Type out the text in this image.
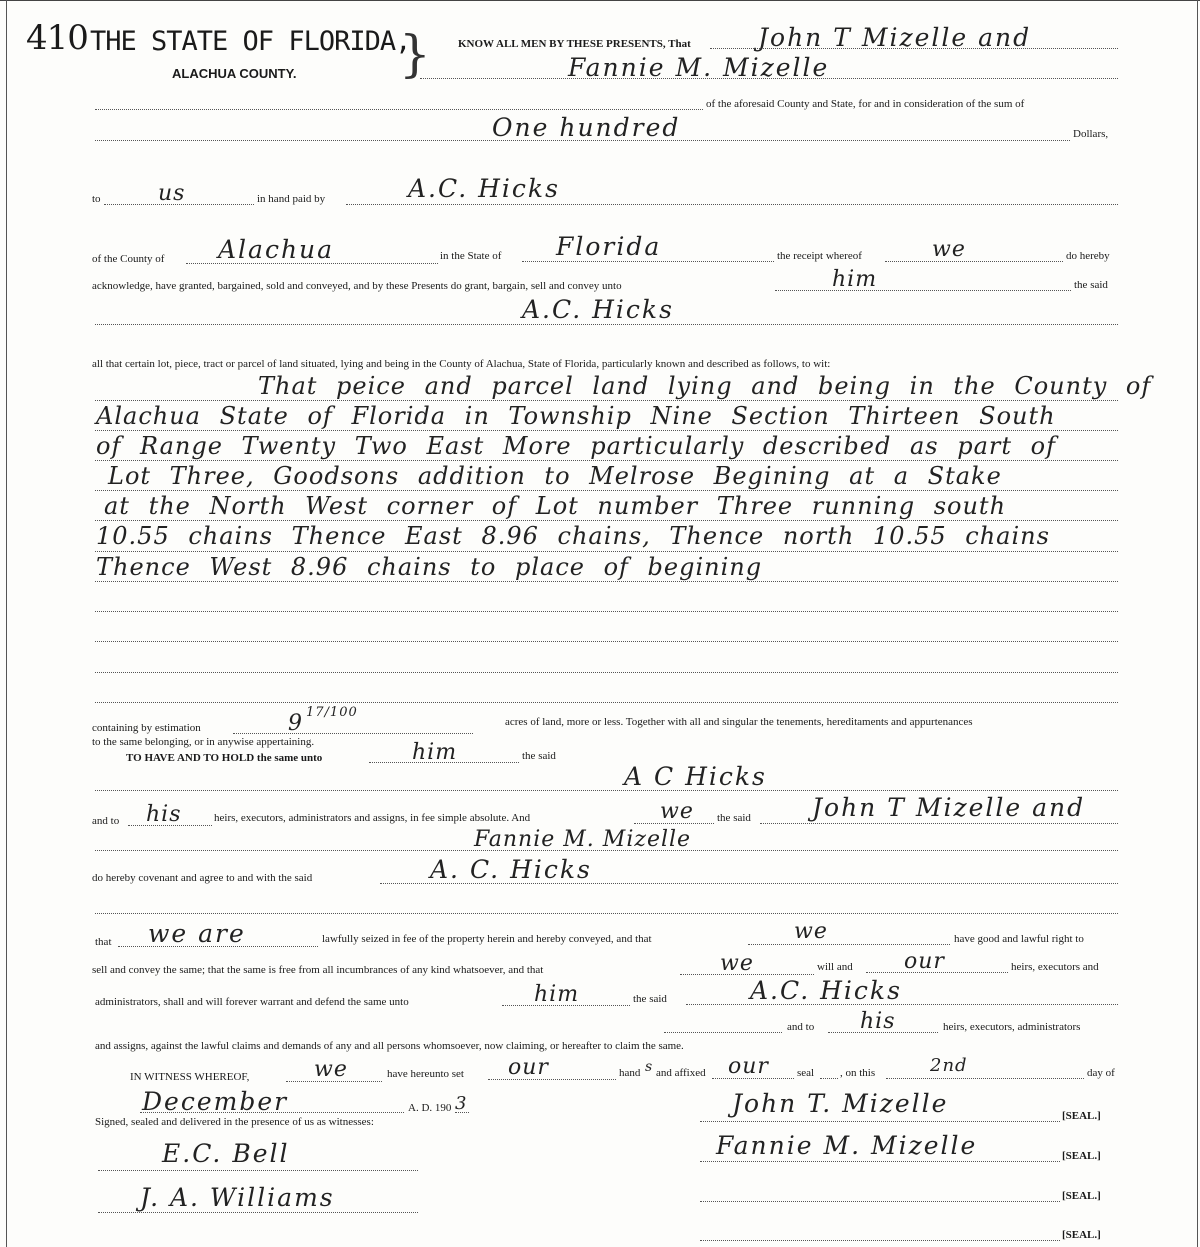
410 THE STATE OF FLORIDA,
ALACHUA COUNTY. } KNOW ALL MEN BY THESE PRESENTS, That	John T Mizelle and
Fannie M. Mizelle
of the aforesaid County and State, for and in consideration of the sum of
One hundred	Dollars,
to	us	in hand paid by	A.C. Hicks
of the County of Alachua	in the State of Florida	the receipt whereof	we	do hereby
acknowledge, have granted, bargained, sold and conveyed, and by these Presents do grant, bargain, sell and convey unto	him	the said
A.C. Hicks
all that certain lot, piece, tract or parcel of land situated, lying and being in the County of Alachua, State of Florida, particularly known and described as follows, to wit:
That peice and parcel land lying and being in the County of
Alachua State of Florida in Township Nine Section Thirteen South
of Range Twenty Two East More particularly described as part of
Lot Three, Goodsons addition to Melrose Begining at a Stake
at the North West corner of Lot number Three running south
10.55 chains Thence East 8.96 chains, Thence north 10.55 chains
Thence West 8.96 chains to place of begining
containing by estimation	9 17/100
acres of land, more or less. Together with all and singular the tenements, hereditaments and appurtenances
to the same belonging, or in anywise appertaining.
TO HAVE AND TO HOLD the same unto	him	the said
A C Hicks
and to his	heirs, executors, administrators and assigns, in fee simple absolute. And	we the said John T Mizelle and
Fannie M. Mizelle
do hereby covenant and agree to and with the said	A. C. Hicks
that we are	lawfully seized in fee of the property herein and hereby conveyed, and that	we	have good and lawful right to
sell and convey the same; that the same is free from all incumbrances of any kind whatsoever, and that	we	will and our	heirs, executors and
administrators, shall and will forever warrant and defend the same unto	him	the said	A.C. Hicks
and to his	heirs, executors, administrators
and assigns, against the lawful claims and demands of any and all persons whomsoever, now claiming, or hereafter to claim the same.
IN WITNESS WHEREOF,	we	have hereunto set our	hand s and affixed our	seal , on this	2nd	day of
December	A. D. 190 3
Signed, sealed and delivered in the presence of us as witnesses:
John T. Mizelle	[SEAL.]
Fannie M. Mizelle	[SEAL.]
[SEAL.]
[SEAL.]
E.C. Bell
J. A. Williams
